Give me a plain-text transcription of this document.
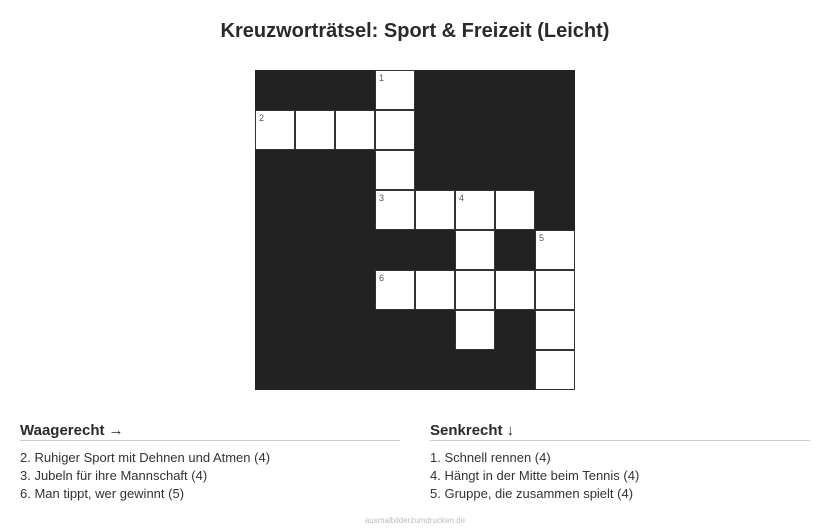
Kreuzworträtsel: Sport & Freizeit (Leicht)
1
2
3	4
5
6
Waagerecht →
2. Ruhiger Sport mit Dehnen und Atmen (4)
3. Jubeln für ihre Mannschaft (4)
6. Man tippt, wer gewinnt (5)
Senkrecht ↓
1. Schnell rennen (4)
4. Hängt in der Mitte beim Tennis (4)
5. Gruppe, die zusammen spielt (4)
ausmalbilderzumdrucken.de
